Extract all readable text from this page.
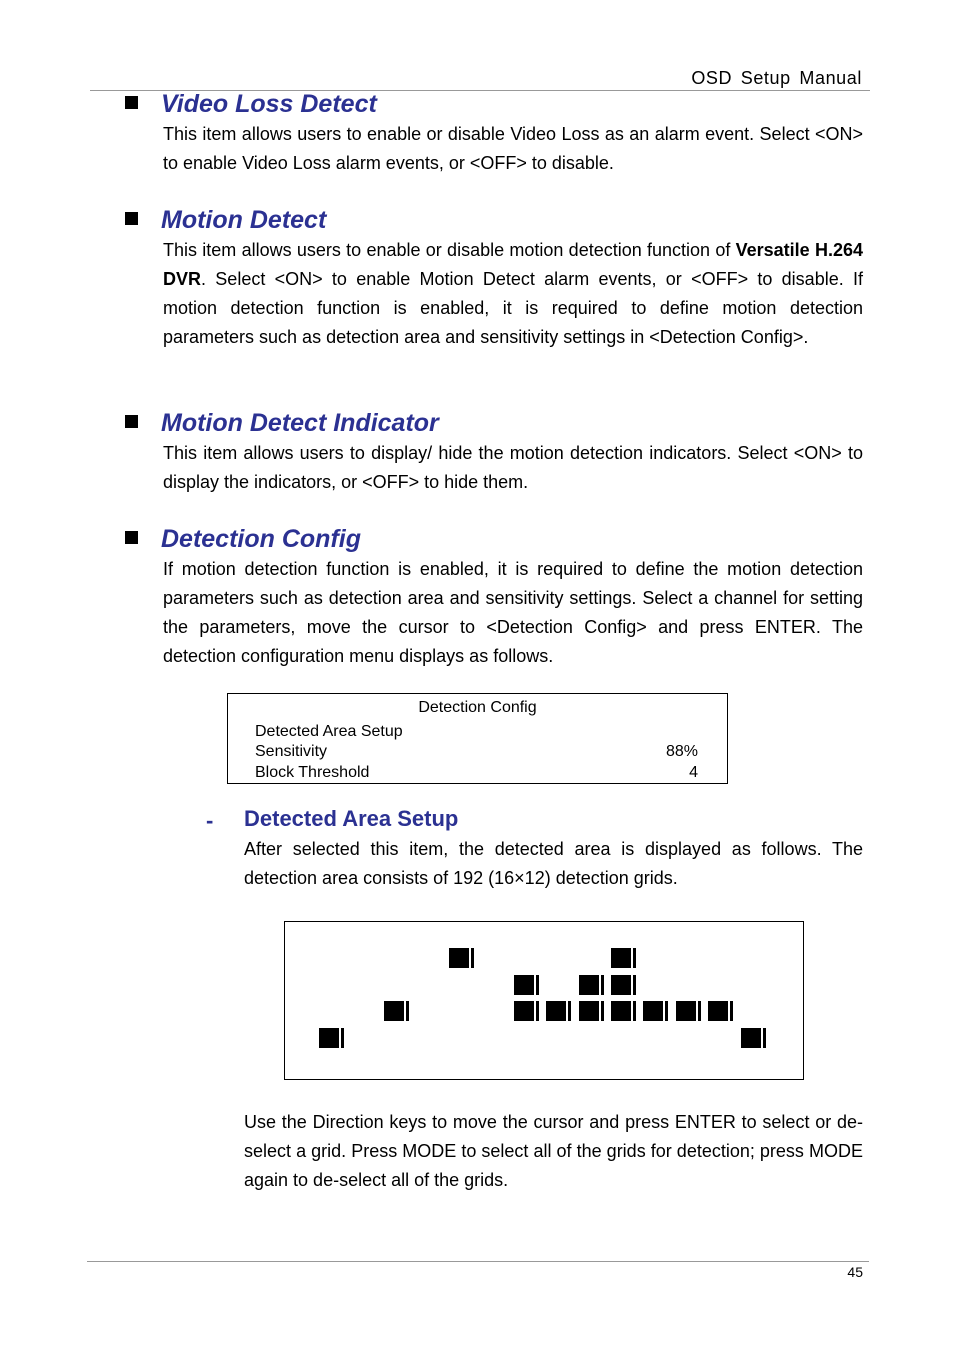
OSD Setup Manual
Video Loss Detect
This item allows users to enable or disable Video Loss as an alarm event. Select <ON> to enable Video Loss alarm events, or <OFF> to disable.
Motion Detect
This item allows users to enable or disable motion detection function of Versatile H.264 DVR. Select <ON> to enable Motion Detect alarm events, or <OFF> to disable. If motion detection function is enabled, it is required to define motion detection parameters such as detection area and sensitivity settings in <Detection Config>.
Motion Detect Indicator
This item allows users to display/ hide the motion detection indicators. Select <ON> to display the indicators, or <OFF> to hide them.
Detection Config
If motion detection function is enabled, it is required to define the motion detection parameters such as detection area and sensitivity settings. Select a channel for setting the parameters, move the cursor to <Detection Config> and press ENTER. The detection configuration menu displays as follows.
Detection Config
Detected Area Setup
Sensitivity	88%
Block Threshold	4
- Detected Area Setup
After selected this item, the detected area is displayed as follows. The detection area consists of 192 (16×12) detection grids.
Use the Direction keys to move the cursor and press ENTER to select or de-select a grid. Press MODE to select all of the grids for detection; press MODE again to de-select all of the grids.
45
